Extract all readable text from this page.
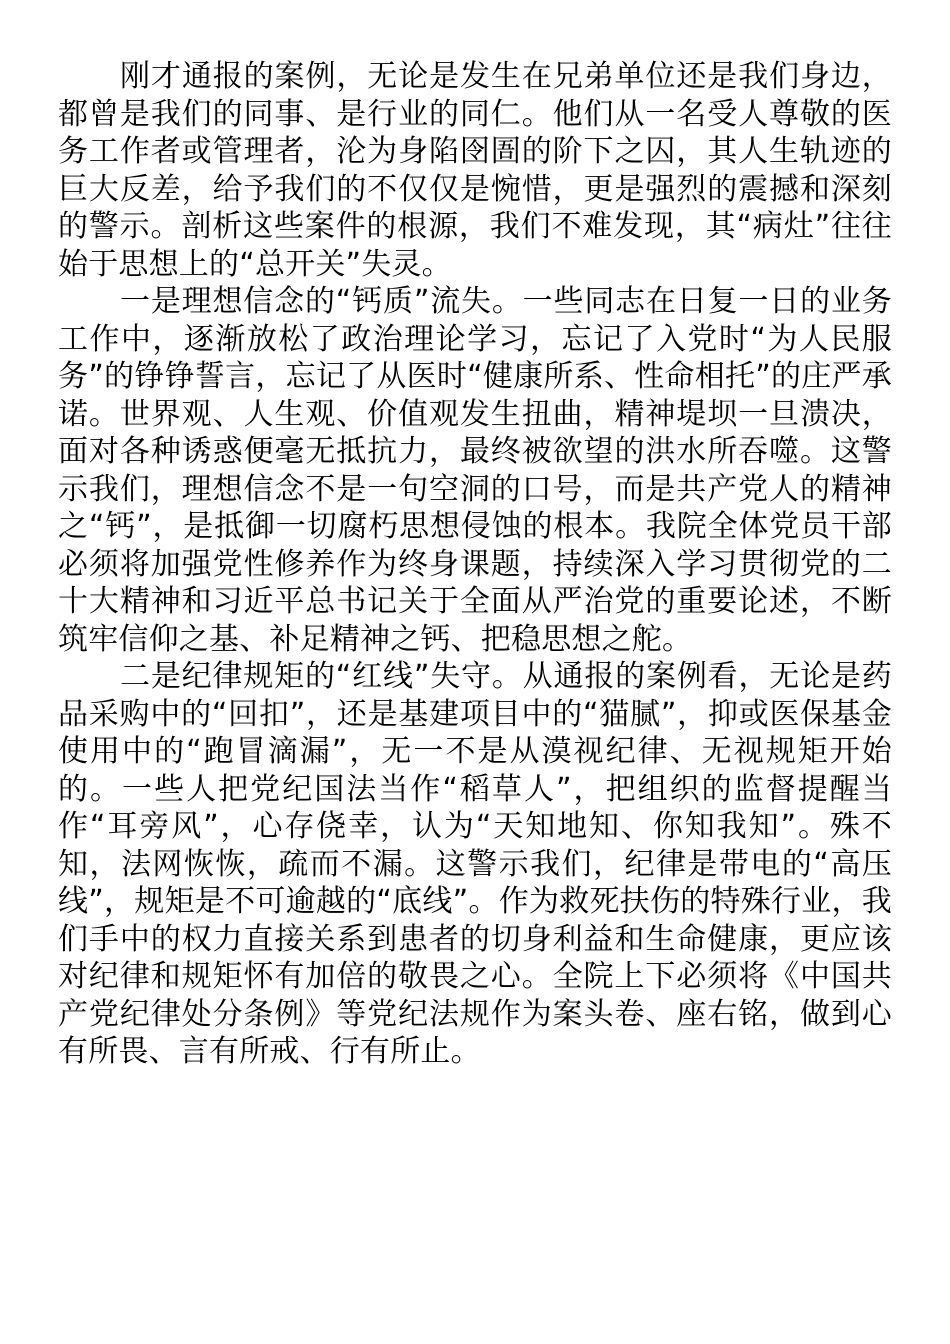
刚才通报的案例，无论是发生在兄弟单位还是我们身边，都曾是我们的同事、是行业的同仁。他们从一名受人尊敬的医务工作者或管理者，沦为身陷囹圄的阶下之囚，其人生轨迹的巨大反差，给予我们的不仅仅是惋惜，更是强烈的震撼和深刻的警示。剖析这些案件的根源，我们不难发现，其“病灶”往往始于思想上的“总开关”失灵。

一是理想信念的“钙质”流失。一些同志在日复一日的业务工作中，逐渐放松了政治理论学习，忘记了入党时“为人民服务”的铮铮誓言，忘记了从医时“健康所系、性命相托”的庄严承诺。世界观、人生观、价值观发生扭曲，精神堤坝一旦溃决，面对各种诱惑便毫无抵抗力，最终被欲望的洪水所吞噬。这警示我们，理想信念不是一句空洞的口号，而是共产党人的精神之“钙”，是抵御一切腐朽思想侵蚀的根本。我院全体党员干部必须将加强党性修养作为终身课题，持续深入学习贯彻党的二十大精神和习近平总书记关于全面从严治党的重要论述，不断筑牢信仰之基、补足精神之钙、把稳思想之舵。

二是纪律规矩的“红线”失守。从通报的案例看，无论是药品采购中的“回扣”，还是基建项目中的“猫腻”，抑或医保基金使用中的“跑冒滴漏”，无一不是从漠视纪律、无视规矩开始的。一些人把党纪国法当作“稻草人”，把组织的监督提醒当作“耳旁风”，心存侥幸，认为“天知地知、你知我知”。殊不知，法网恢恢，疏而不漏。这警示我们，纪律是带电的“高压线”，规矩是不可逾越的“底线”。作为救死扶伤的特殊行业，我们手中的权力直接关系到患者的切身利益和生命健康，更应该对纪律和规矩怀有加倍的敬畏之心。全院上下必须将《中国共产党纪律处分条例》等党纪法规作为案头卷、座右铭，做到心有所畏、言有所戒、行有所止。
